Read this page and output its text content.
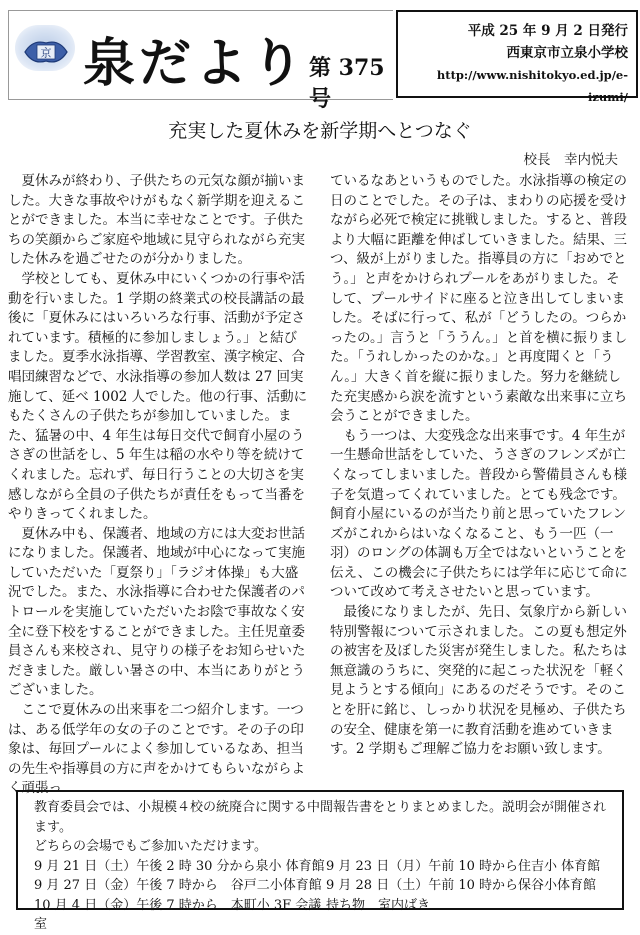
京 泉だより 第 375 号
平成 25 年 9 月 2 日発行
西東京市立泉小学校
http://www.nishitokyo.ed.jp/e-izumi/
充実した夏休みを新学期へとつなぐ
校長　幸内悦夫

夏休みが終わり、子供たちの元気な顔が揃いました。大きな事故やけがもなく新学期を迎えることができました。本当に幸せなことです。子供たちの笑顔からご家庭や地域に見守られながら充実した休みを過ごせたのが分かりました。

学校としても、夏休み中にいくつかの行事や活動を行いました。1 学期の終業式の校長講話の最後に「夏休みにはいろいろな行事、活動が予定されています。積極的に参加しましょう。」と結びました。夏季水泳指導、学習教室、漢字検定、合唱団練習などで、水泳指導の参加人数は 27 回実施して、延べ 1002 人でした。他の行事、活動にもたくさんの子供たちが参加していました。また、猛暑の中、4 年生は毎日交代で飼育小屋のうさぎの世話をし、5 年生は稲の水やり等を続けてくれました。忘れず、毎日行うことの大切さを実感しながら全員の子供たちが責任をもって当番をやりきってくれました。

夏休み中も、保護者、地域の方には大変お世話になりました。保護者、地域が中心になって実施していただいた「夏祭り」「ラジオ体操」も大盛況でした。また、水泳指導に合わせた保護者のパトロールを実施していただいたお陰で事故なく安全に登下校をすることができました。主任児童委員さんも来校され、見守りの様子をお知らせいただきました。厳しい暑さの中、本当にありがとうございました。

ここで夏休みの出来事を二つ紹介します。一つは、ある低学年の女の子のことです。その子の印象は、毎回プールによく参加しているなあ、担当の先生や指導員の方に声をかけてもらいながらよく頑張っ

ているなあというものでした。水泳指導の検定の日のことでした。その子は、まわりの応援を受けながら必死で検定に挑戦しました。すると、普段より大幅に距離を伸ばしていきました。結果、三つ、級が上がりました。指導員の方に「おめでとう。」と声をかけられプールをあがりました。そして、プールサイドに座ると泣き出してしまいました。そばに行って、私が「どうしたの。つらかったの。」言うと「ううん。」と首を横に振りました。「うれしかったのかな。」と再度聞くと「うん。」大きく首を縦に振りました。努力を継続した充実感から涙を流すという素敵な出来事に立ち会うことができました。

もう一つは、大変残念な出来事です。4 年生が一生懸命世話をしていた、うさぎのフレンズが亡くなってしまいました。普段から警備員さんも様子を気遣ってくれていました。とても残念です。飼育小屋にいるのが当たり前と思っていたフレンズがこれからはいなくなること、もう一匹（一羽）のロングの体調も万全ではないということを伝え、この機会に子供たちには学年に応じて命について改めて考えさせたいと思っています。

最後になりましたが、先日、気象庁から新しい特別警報について示されました。この夏も想定外の被害を及ぼした災害が発生しました。私たちは無意識のうちに、突発的に起こった状況を「軽く見ようとする傾向」にあるのだそうです。そのことを肝に銘じ、しっかり状況を見極め、子供たちの安全、健康を第一に教育活動を進めていきます。2 学期もご理解ご協力をお願い致します。

教育委員会では、小規模４校の統廃合に関する中間報告書をとりまとめました。説明会が開催されます。
どちらの会場でもご参加いただけます。
9 月 21 日（土）午後 2 時 30 分から泉小 体育館 9 月 23 日（月）午前 10 時から住吉小 体育館
9 月 27 日（金）午後 7 時から　谷戸二小体育館 9 月 28 日（土）午前 10 時から保谷小体育館
10 月 4 日（金）午後 7 時から　本町小 3F 会議室
持ち物　室内ばき
